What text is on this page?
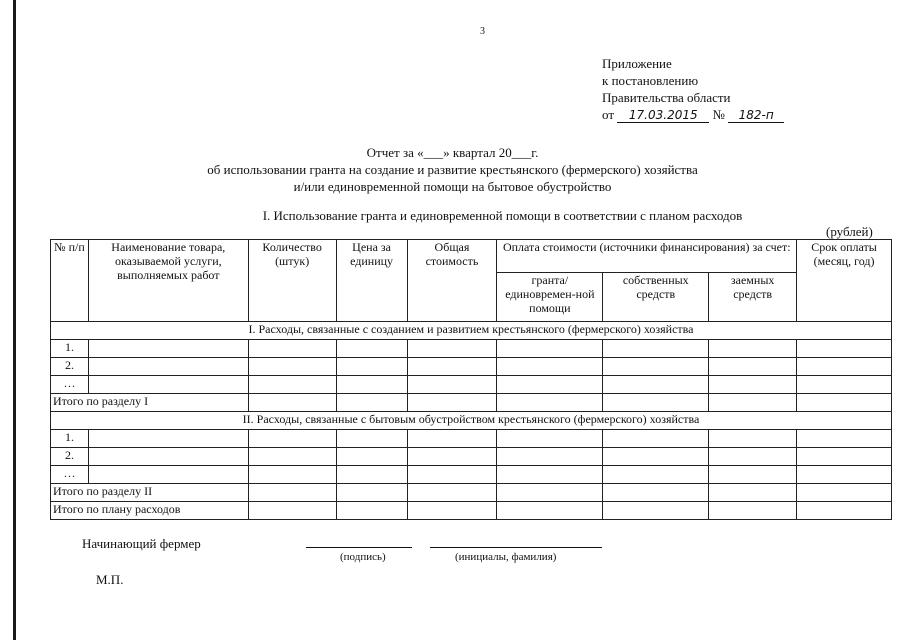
3
Приложение
к постановлению
Правительства области
от 17.03.2015 № 182-п
Отчет за «___» квартал 20___г.
об использовании гранта на создание и развитие крестьянского (фермерского) хозяйства
и/или единовременной помощи на бытовое обустройство
I. Использование гранта и единовременной помощи в соответствии с планом расходов
(рублей)
№ п/п	Наименование товара, оказываемой услуги, выполняемых работ	Количество (штук)	Цена за единицу	Общая стоимость	Оплата стоимости (источники финансирования) за счет:			Срок оплаты (месяц, год)
					гранта/ единовремен-ной помощи	собственных средств	заемных средств	
I. Расходы, связанные с созданием и развитием крестьянского (фермерского) хозяйства								
1.								
2.								
…								
Итого по разделу I								
II. Расходы, связанные с бытовым обустройством крестьянского (фермерского) хозяйства								
1.								
2.								
…								
Итого по разделу II								
Итого по плану расходов								
Начинающий фермер
(подпись)	(инициалы, фамилия)
М.П.
